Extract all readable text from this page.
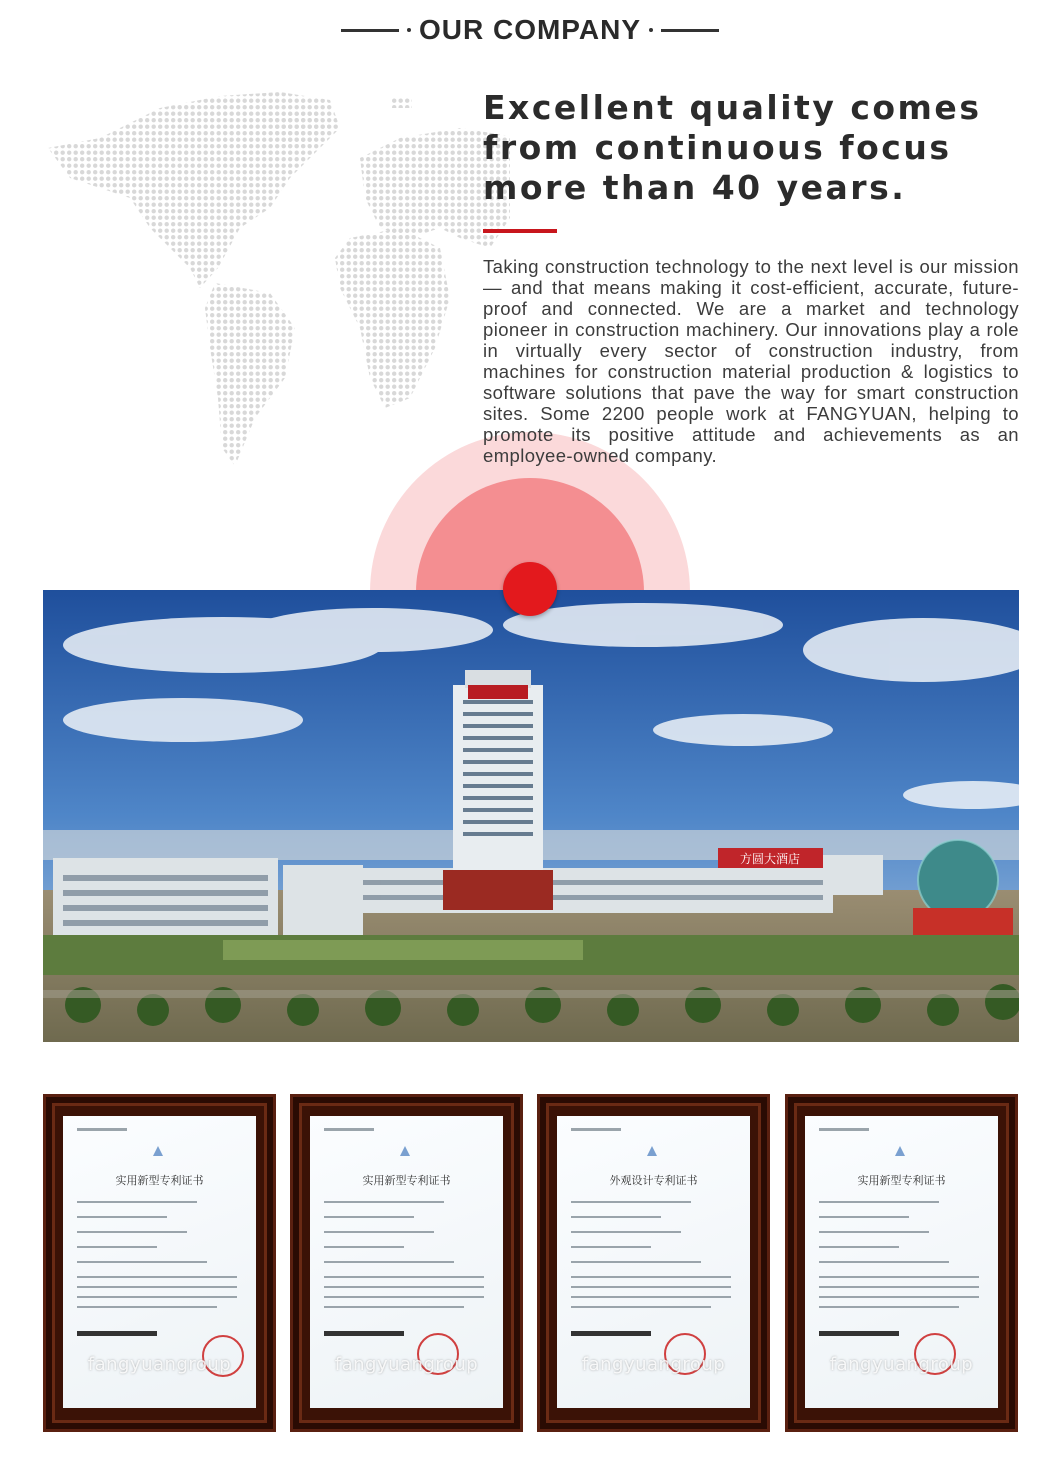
OUR COMPANY
Excellent quality comes
from continuous focus
more than 40 years.

Taking construction technology to the next level is our mission — and that means making it cost-efficient, accurate, future-proof and connected. We are a market and technology pioneer in construction machinery. Our innovations play a role in virtually every sector of construction industry, from machines for construction material production & logistics to software solutions that pave the way for smart construction sites. Some 2200 people work at FANGYUAN, helping to promote its positive attitude and achievements as an employee-owned company.

方圆大酒店
实用新型专利证书
fangyuangroup
实用新型专利证书
fangyuangroup
外观设计专利证书
fangyuangroup
实用新型专利证书
fangyuangroup
